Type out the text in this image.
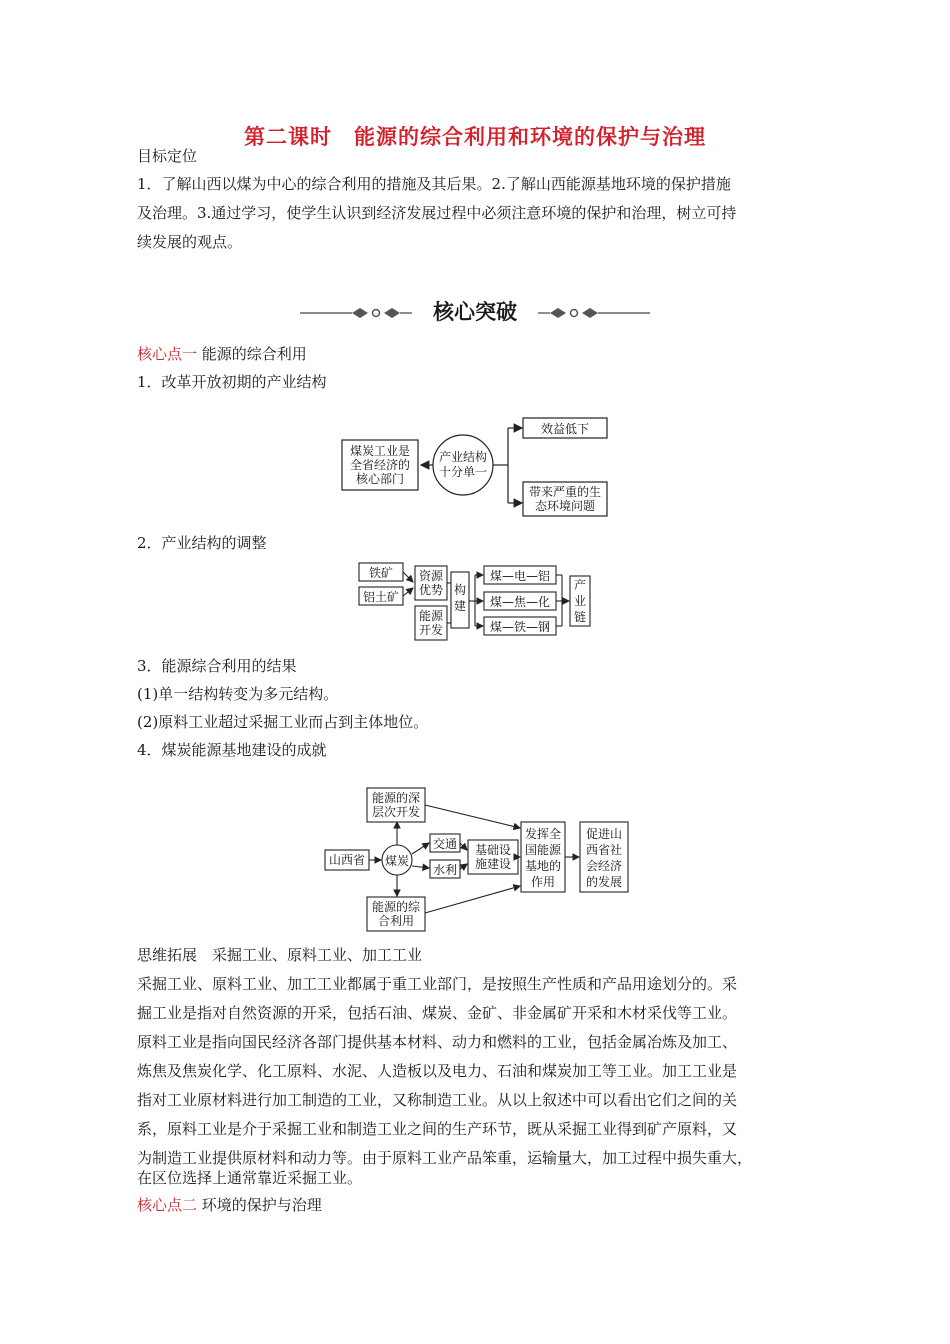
第二课时　能源的综合利用和环境的保护与治理
目标定位
1．了解山西以煤为中心的综合利用的措施及其后果。2.了解山西能源基地环境的保护措施
及治理。3.通过学习，使学生认识到经济发展过程中必须注意环境的保护和治理，树立可持
续发展的观点。
核心突破
核心点一 能源的综合利用
1．改革开放初期的产业结构
煤炭工业是
全省经济的
核心部门
产业结构
十分单一
效益低下
带来严重的生
态环境问题
2．产业结构的调整
铁矿
铝土矿
资源
优势
能源
开发
构
建
煤—电—铝
煤—焦—化
煤—铁—钢
产
业
链
3．能源综合利用的结果
(1)单一结构转变为多元结构。
(2)原料工业超过采掘工业而占到主体地位。
4．煤炭能源基地建设的成就
山西省 煤炭
能源的深
层次开发
能源的综
合利用
交通
水利
基础设
施建设
发挥全
国能源
基地的
作用
促进山
西省社
会经济
的发展
思维拓展　采掘工业、原料工业、加工工业
采掘工业、原料工业、加工工业都属于重工业部门，是按照生产性质和产品用途划分的。采
掘工业是指对自然资源的开采，包括石油、煤炭、金矿、非金属矿开采和木材采伐等工业。
原料工业是指向国民经济各部门提供基本材料、动力和燃料的工业，包括金属冶炼及加工、
炼焦及焦炭化学、化工原料、水泥、人造板以及电力、石油和煤炭加工等工业。加工工业是
指对工业原材料进行加工制造的工业，又称制造工业。从以上叙述中可以看出它们之间的关
系，原料工业是介于采掘工业和制造工业之间的生产环节，既从采掘工业得到矿产原料，又
为制造工业提供原材料和动力等。由于原料工业产品笨重，运输量大，加工过程中损失重大，
在区位选择上通常靠近采掘工业。
核心点二 环境的保护与治理
